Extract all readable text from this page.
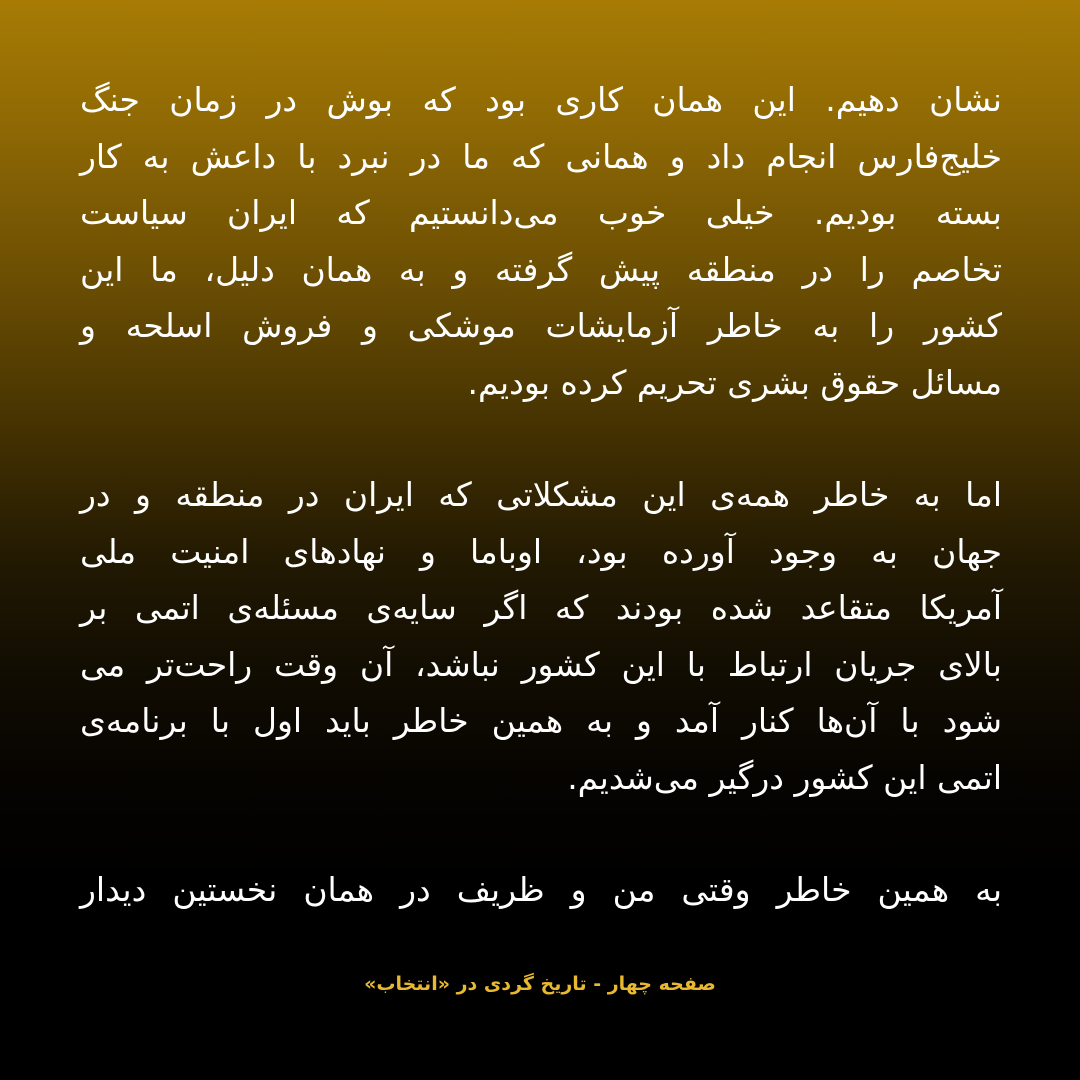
نشان دهیم. این همان کاری بود که بوش در زمان جنگ
خلیج‌فارس انجام داد و همانی که ما در نبرد با داعش به کار
بسته بودیم. خیلی خوب می‌دانستیم که ایران سیاست
تخاصم را در منطقه پیش گرفته و به همان دلیل، ما این
کشور را به خاطر آزمایشات موشکی و فروش اسلحه و
مسائل حقوق بشری تحریم کرده بودیم.
اما به خاطر همه‌ی این مشکلاتی که ایران در منطقه و در
جهان به وجود آورده بود، اوباما و نهادهای امنیت ملی
آمریکا متقاعد شده بودند که اگر سایه‌ی مسئله‌ی اتمی بر
بالای جریان ارتباط با این کشور نباشد، آن وقت راحت‌تر می
شود با آن‌ها کنار آمد و به همین خاطر باید اول با برنامه‌ی
اتمی این کشور درگیر می‌شدیم.
به همین خاطر وقتی من و ظریف در همان نخستین دیدار
صفحه چهار - تاریخ گردی در «انتخاب»
